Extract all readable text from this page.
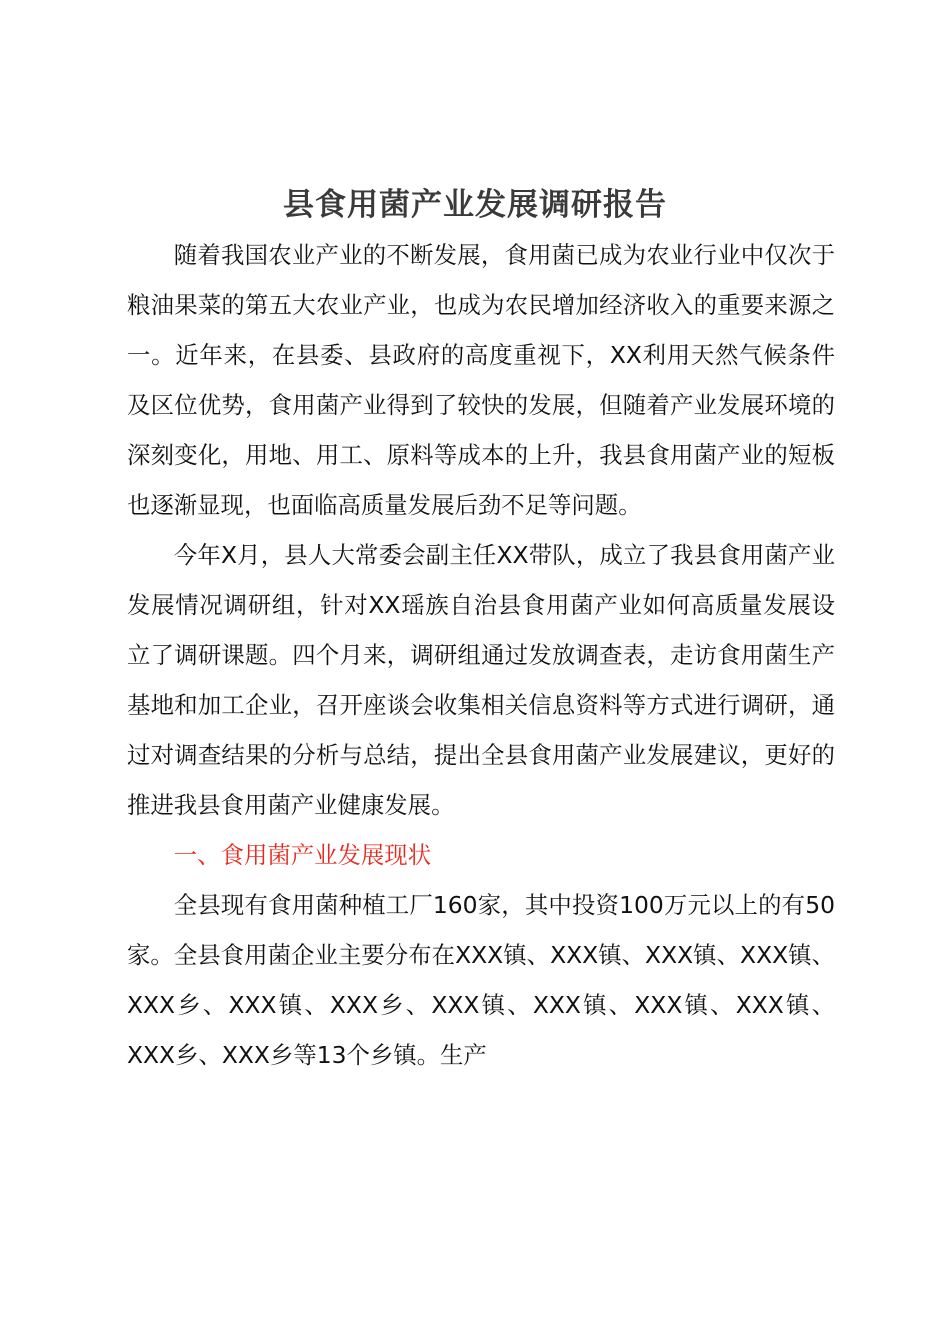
县食用菌产业发展调研报告

随着我国农业产业的不断发展，食用菌已成为农业行业中仅次于粮油果菜的第五大农业产业，也成为农民增加经济收入的重要来源之一。近年来，在县委、县政府的高度重视下，XX利用天然气候条件及区位优势，食用菌产业得到了较快的发展，但随着产业发展环境的深刻变化，用地、用工、原料等成本的上升，我县食用菌产业的短板也逐渐显现，也面临高质量发展后劲不足等问题。

今年X月，县人大常委会副主任XX带队，成立了我县食用菌产业发展情况调研组，针对XX瑶族自治县食用菌产业如何高质量发展设立了调研课题。四个月来，调研组通过发放调查表，走访食用菌生产基地和加工企业，召开座谈会收集相关信息资料等方式进行调研，通过对调查结果的分析与总结，提出全县食用菌产业发展建议，更好的推进我县食用菌产业健康发展。

一、食用菌产业发展现状

全县现有食用菌种植工厂160家，其中投资100万元以上的有50家。全县食用菌企业主要分布在XXX镇、XXX镇、XXX镇、XXX镇、XXX乡、XXX镇、XXX乡、XXX镇、XXX镇、XXX镇、XXX镇、XXX乡、XXX乡等13个乡镇。生产
